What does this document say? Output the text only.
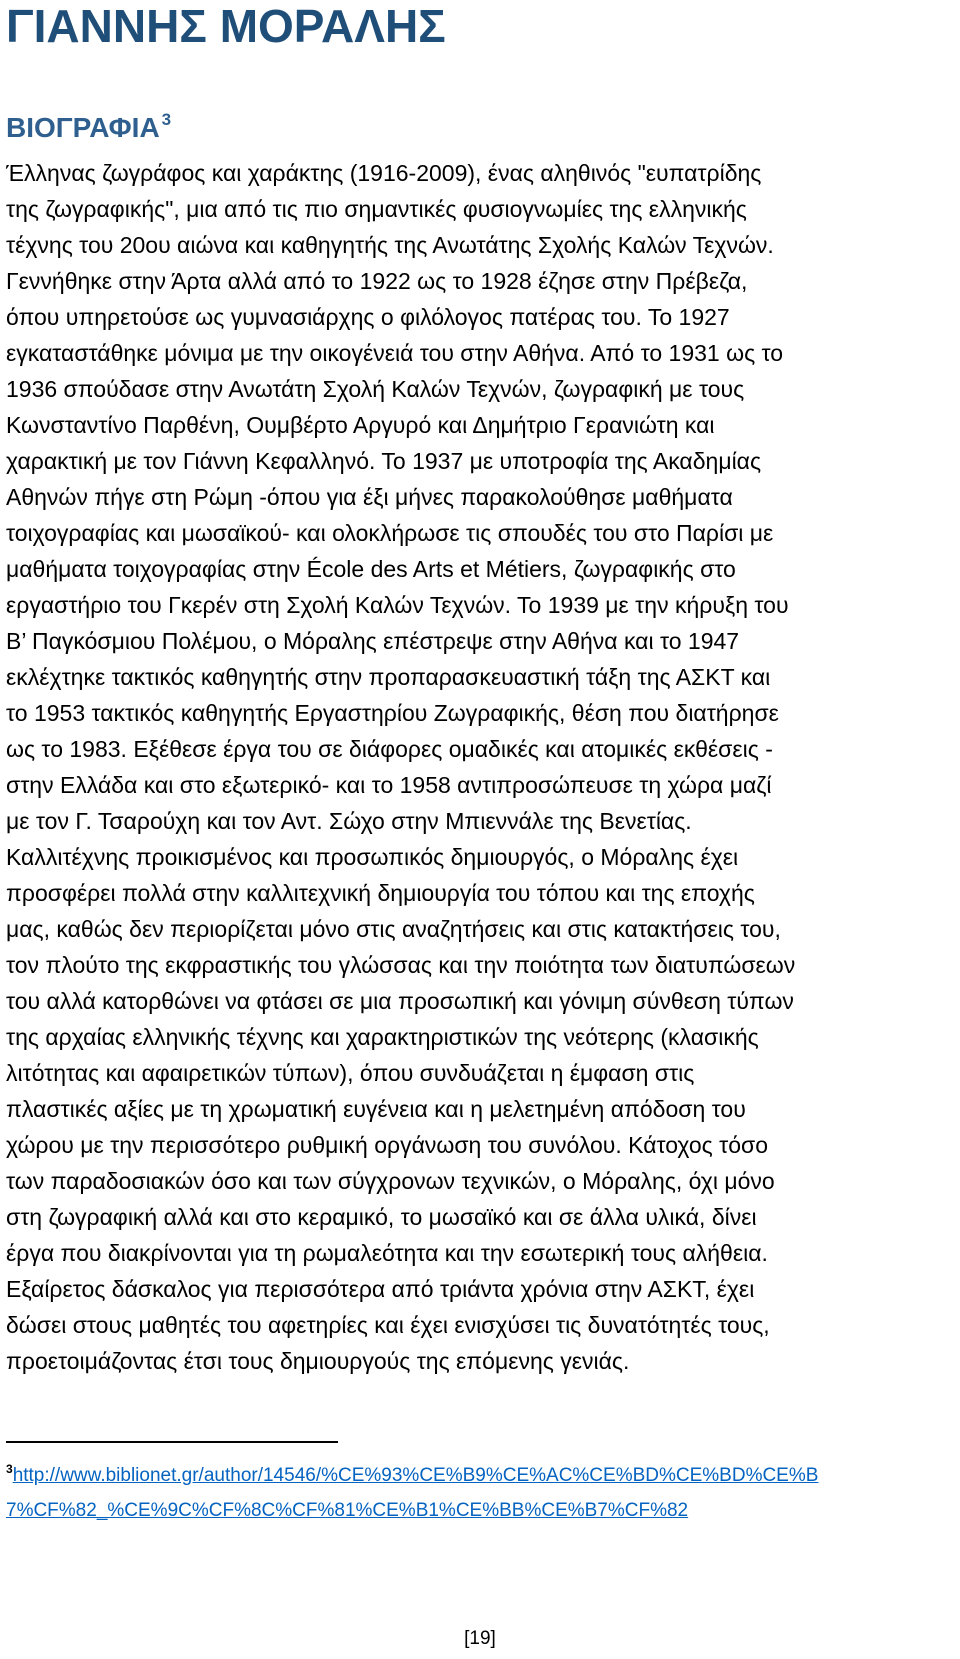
ΓΙΑΝΝΗΣ ΜΟΡΑΛΗΣ
ΒΙΟΓΡΑΦΙΑ $^3$
Έλληνας ζωγράφος και χαράκτης (1916-2009), ένας αληθινός "ευπατρίδης
της ζωγραφικής", μια από τις πιο σημαντικές φυσιογνωμίες της ελληνικής
τέχνης του 20ου αιώνα και καθηγητής της Ανωτάτης Σχολής Καλών Τεχνών.
Γεννήθηκε στην Άρτα αλλά από το 1922 ως το 1928 έζησε στην Πρέβεζα,
όπου υπηρετούσε ως γυμνασιάρχης ο φιλόλογος πατέρας του. Το 1927
εγκαταστάθηκε μόνιμα με την οικογένειά του στην Αθήνα. Από το 1931 ως το
1936 σπούδασε στην Ανωτάτη Σχολή Καλών Τεχνών, ζωγραφική με τους
Κωνσταντίνο Παρθένη, Ουμβέρτο Αργυρό και Δημήτριο Γερανιώτη και
χαρακτική με τον Γιάννη Κεφαλληνό. Το 1937 με υποτροφία της Ακαδημίας
Αθηνών πήγε στη Ρώμη -όπου για έξι μήνες παρακολούθησε μαθήματα
τοιχογραφίας και μωσαϊκού- και ολοκλήρωσε τις σπουδές του στο Παρίσι με
μαθήματα τοιχογραφίας στην École des Arts et Métiers, ζωγραφικής στο
εργαστήριο του Γκερέν στη Σχολή Καλών Τεχνών. Το 1939 με την κήρυξη του
Β’ Παγκόσμιου Πολέμου, ο Μόραλης επέστρεψε στην Αθήνα και το 1947
εκλέχτηκε τακτικός καθηγητής στην προπαρασκευαστική τάξη της ΑΣΚΤ και
το 1953 τακτικός καθηγητής Εργαστηρίου Ζωγραφικής, θέση που διατήρησε
ως το 1983. Εξέθεσε έργα του σε διάφορες ομαδικές και ατομικές εκθέσεις -
στην Ελλάδα και στο εξωτερικό- και το 1958 αντιπροσώπευσε τη χώρα μαζί
με τον Γ. Τσαρούχη και τον Αντ. Σώχο στην Μπιεννάλε της Βενετίας.
Καλλιτέχνης προικισμένος και προσωπικός δημιουργός, ο Μόραλης έχει
προσφέρει πολλά στην καλλιτεχνική δημιουργία του τόπου και της εποχής
μας, καθώς δεν περιορίζεται μόνο στις αναζητήσεις και στις κατακτήσεις του,
τον πλούτο της εκφραστικής του γλώσσας και την ποιότητα των διατυπώσεων
του αλλά κατορθώνει να φτάσει σε μια προσωπική και γόνιμη σύνθεση τύπων
της αρχαίας ελληνικής τέχνης και χαρακτηριστικών της νεότερης (κλασικής
λιτότητας και αφαιρετικών τύπων), όπου συνδυάζεται η έμφαση στις
πλαστικές αξίες με τη χρωματική ευγένεια και η μελετημένη απόδοση του
χώρου με την περισσότερο ρυθμική οργάνωση του συνόλου. Κάτοχος τόσο
των παραδοσιακών όσο και των σύγχρονων τεχνικών, ο Μόραλης, όχι μόνο
στη ζωγραφική αλλά και στο κεραμικό, το μωσαϊκό και σε άλλα υλικά, δίνει
έργα που διακρίνονται για τη ρωμαλεότητα και την εσωτερική τους αλήθεια.
Εξαίρετος δάσκαλος για περισσότερα από τριάντα χρόνια στην ΑΣΚΤ, έχει
δώσει στους μαθητές του αφετηρίες και έχει ενισχύσει τις δυνατότητές τους,
προετοιμάζοντας έτσι τους δημιουργούς της επόμενης γενιάς.
$^3$http://www.biblionet.gr/author/14546/%CE%93%CE%B9%CE%AC%CE%BD%CE%BD%CE%B
7%CF%82_%CE%9C%CF%8C%CF%81%CE%B1%CE%BB%CE%B7%CF%82
[19]
